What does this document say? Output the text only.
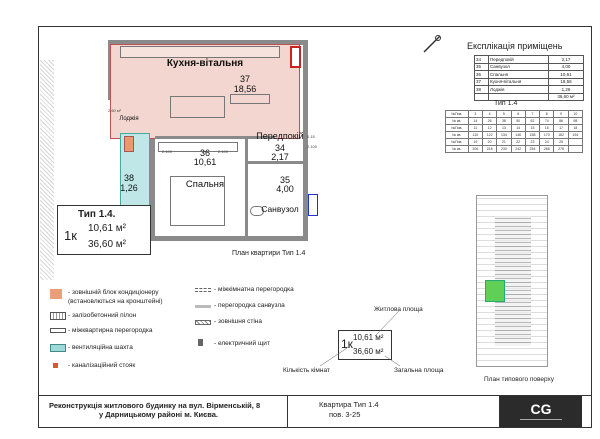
Кухня-вітальня
37
18,56
Лоджія
38
1,26
36
10,61
Спальня
Передпокій
34
2,17
35
4,00
Санвузол
2.60 м²
2.100	2.100
2.100
0.15
План квартири Тип 1.4
Тип 1.4.
1к 10,61 м²
36,60 м²
- зовнішній блок кондиціонеру
(встановлються на кронштейні)
- залізобетонний пілон
- міжквартирна перегородка
- вентиляційна шахта
- каналізаційний стояк
- міжкімнатна перегородка
- перегородка санвузла
- зовнішня стіна
- електричний щит
Експлікація приміщень
34	Передпокій	2,17
35	Санвузол	4,00
36	Спальня	10,61
37	Кухня-вітальня	18,56
38	Лоджія	1,26
		36,60 м²
Тип 1.4
№Пов.	3	4	5	6	7	8	9	10
№ кв.	14	26	38	50	62	74	86	98
№Пов.	11	12	13	14	15	16	17	18
№ кв.	110	122	134	146	158	170	182	194
№Пов.	19	20	21	22	23	24	25	
№ кв.	206	218	230	242	254	266	278	
План типового поверху
Житлова площа
1к 10,61 м²
36,60 м²
Кількість кімнат	Загальна площа
Реконструкція житлового будинку на вул. Вірменській, 8
у Дарницькому районі м. Києва.
Квартира Тип 1.4
пов. 3-25	CG
